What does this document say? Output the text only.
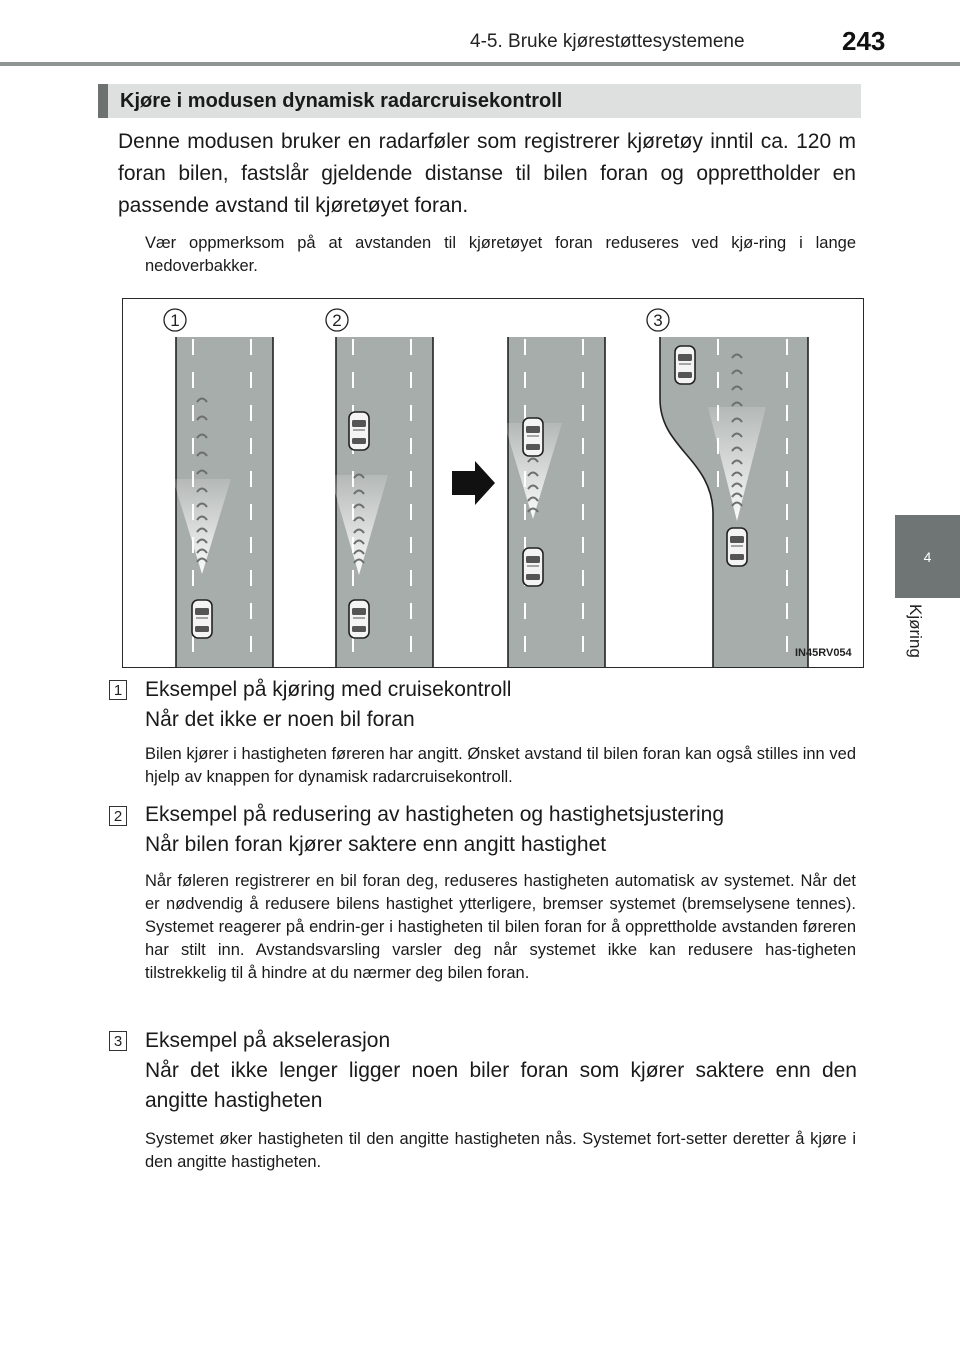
4-5. Bruke kjørestøttesystemene	243
4
Kjøring
Kjøre i modusen dynamisk radarcruisekontroll

Denne modusen bruker en radarføler som registrerer kjøretøy inntil ca. 120 m foran bilen, fastslår gjeldende distanse til bilen foran og opprettholder en passende avstand til kjøretøyet foran.

Vær oppmerksom på at avstanden til kjøretøyet foran reduseres ved kjø-ring i lange nedoverbakker.

1	2	3
IN45RV054
1 Eksempel på kjøring med cruisekontroll
Når det ikke er noen bil foran

Bilen kjører i hastigheten føreren har angitt. Ønsket avstand til bilen foran kan også stilles inn ved hjelp av knappen for dynamisk radarcruisekontroll.

2 Eksempel på redusering av hastigheten og hastighetsjustering
Når bilen foran kjører saktere enn angitt hastighet

Når føleren registrerer en bil foran deg, reduseres hastigheten automatisk av systemet. Når det er nødvendig å redusere bilens hastighet ytterligere, bremser systemet (bremselysene tennes). Systemet reagerer på endrin-ger i hastigheten til bilen foran for å opprettholde avstanden føreren har stilt inn. Avstandsvarsling varsler deg når systemet ikke kan redusere has-tigheten tilstrekkelig til å hindre at du nærmer deg bilen foran.

3 Eksempel på akselerasjon
Når det ikke lenger ligger noen biler foran som kjører saktere enn den angitte hastigheten

Systemet øker hastigheten til den angitte hastigheten nås. Systemet fort-setter deretter å kjøre i den angitte hastigheten.
